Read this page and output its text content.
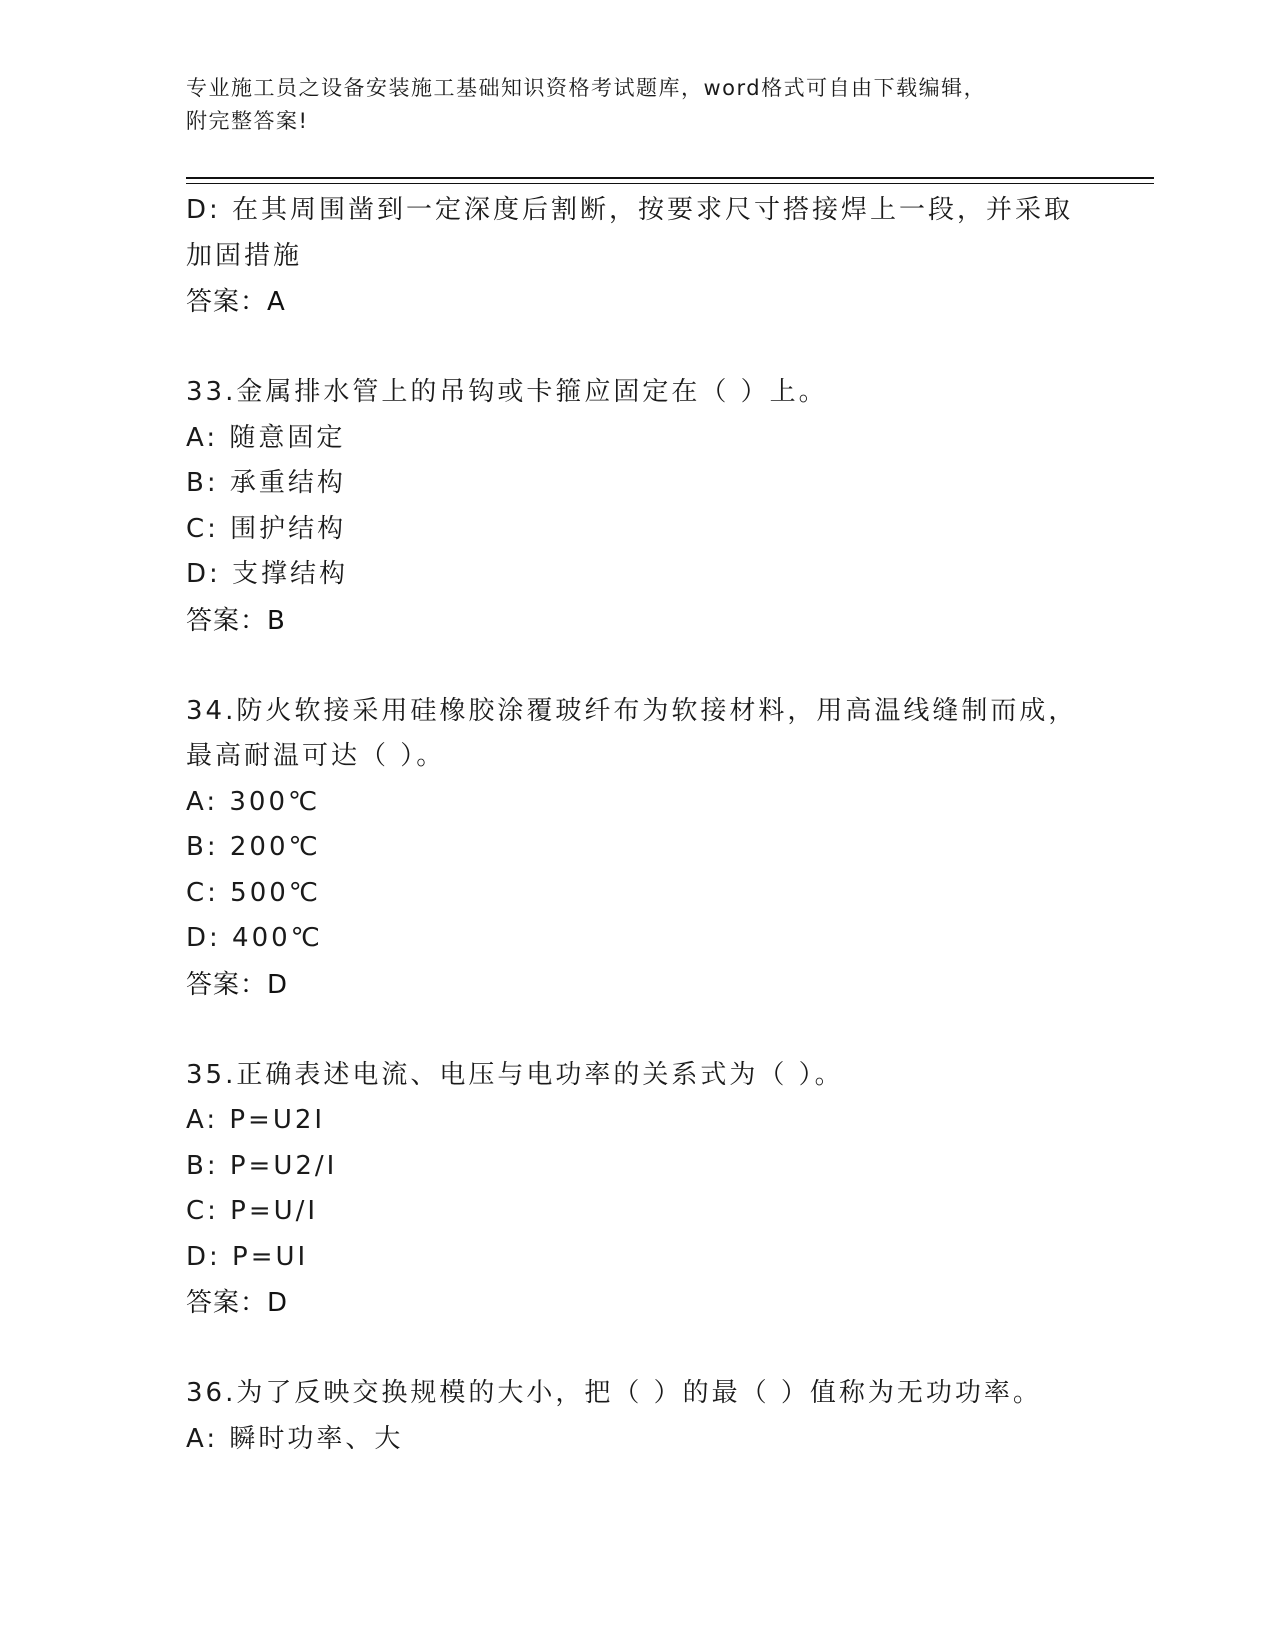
专业施工员之设备安装施工基础知识资格考试题库，word格式可自由下载编辑，
附完整答案!
D: 在其周围凿到一定深度后割断，按要求尺寸搭接焊上一段，并采取
加固措施
答案：A
33.金属排水管上的吊钩或卡箍应固定在（ ）上。
A: 随意固定
B: 承重结构
C: 围护结构
D: 支撑结构
答案：B
34.防火软接采用硅橡胶涂覆玻纤布为软接材料，用高温线缝制而成，
最高耐温可达（ ）。
A: 300℃
B: 200℃
C: 500℃
D: 400℃
答案：D
35.正确表述电流、电压与电功率的关系式为（ ）。
A: P=U2I
B: P=U2/I
C: P=U/I
D: P=UI
答案：D
36.为了反映交换规模的大小，把（ ）的最（ ）值称为无功功率。
A: 瞬时功率、大
